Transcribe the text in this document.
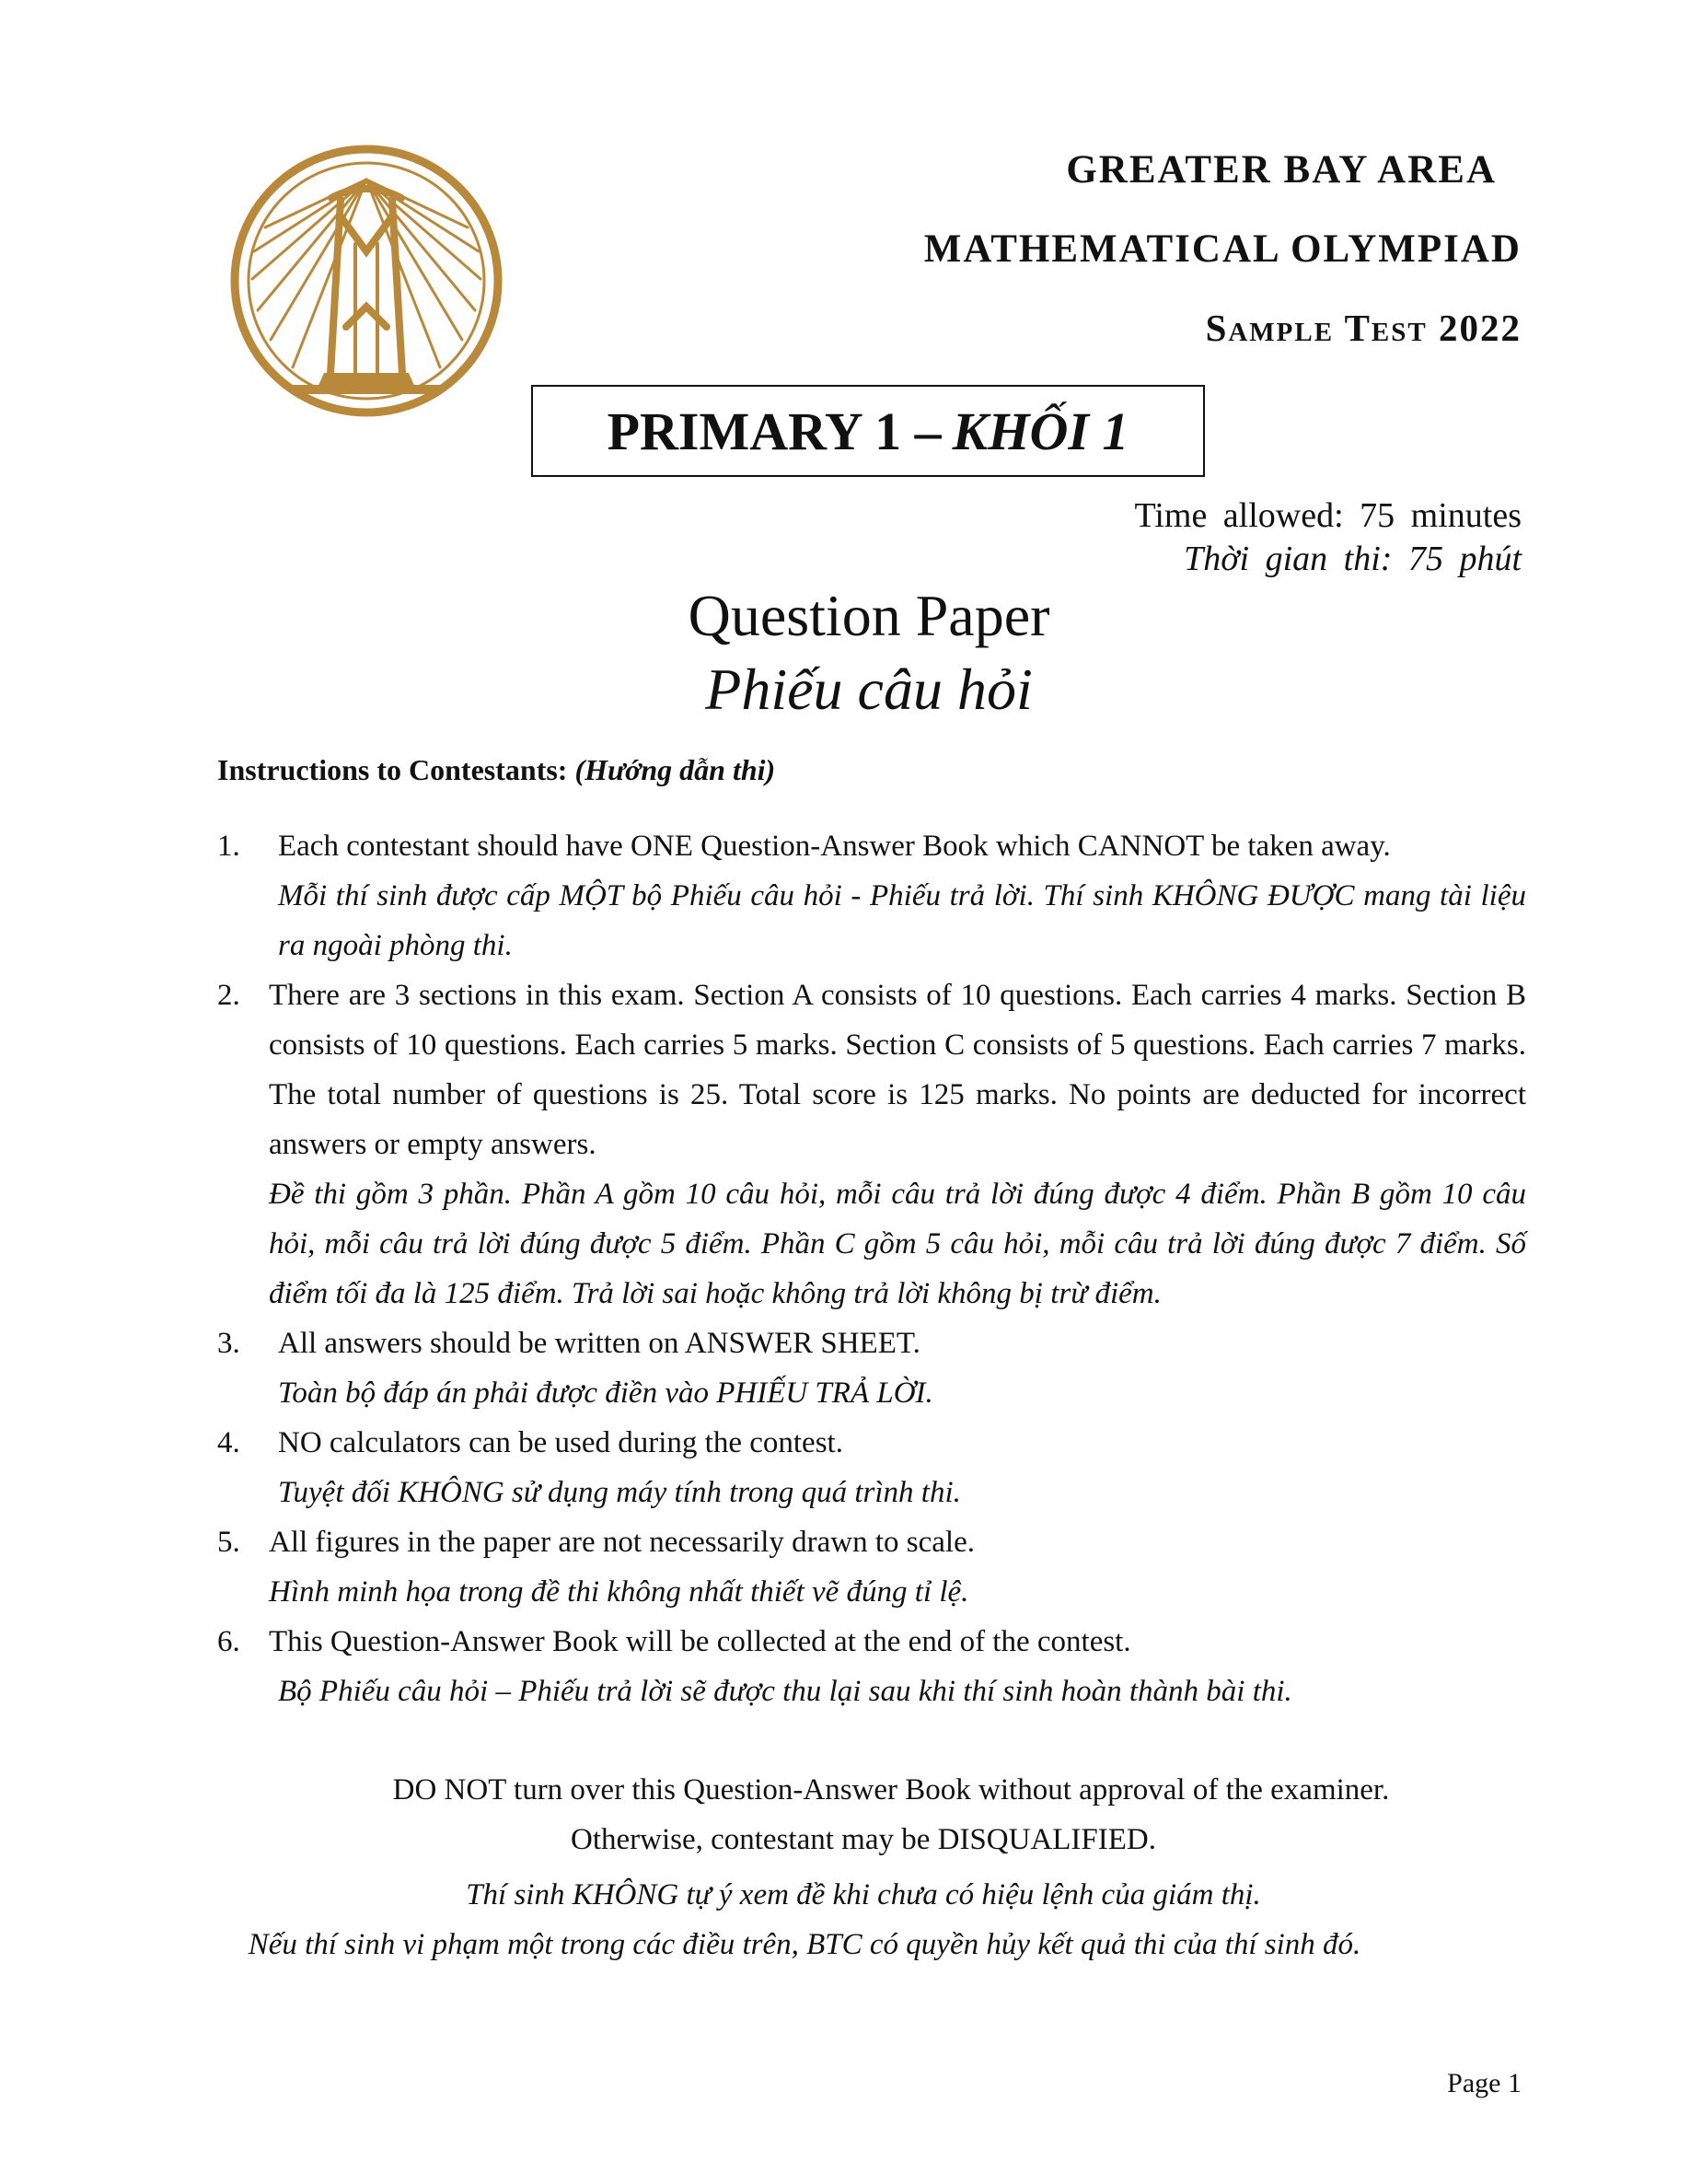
GREATER BAY AREA
MATHEMATICAL OLYMPIAD
Sample Test 2022
PRIMARY 1 – KHỐI 1
Time allowed: 75 minutes
Thời gian thi: 75 phút
Question Paper
Phiếu câu hỏi
Instructions to Contestants: (Hướng dẫn thi)
1.	Each contestant should have ONE Question-Answer Book which CANNOT be taken away.
Mỗi thí sinh được cấp MỘT bộ Phiếu câu hỏi - Phiếu trả lời. Thí sinh KHÔNG ĐƯỢC mang tài liệu ra ngoài phòng thi.
2. There are 3 sections in this exam. Section A consists of 10 questions. Each carries 4 marks. Section B consists of 10 questions. Each carries 5 marks. Section C consists of 5 questions. Each carries 7 marks. The total number of questions is 25. Total score is 125 marks. No points are deducted for incorrect answers or empty answers.
Đề thi gồm 3 phần. Phần A gồm 10 câu hỏi, mỗi câu trả lời đúng được 4 điểm. Phần B gồm 10 câu hỏi, mỗi câu trả lời đúng được 5 điểm. Phần C gồm 5 câu hỏi, mỗi câu trả lời đúng được 7 điểm. Số điểm tối đa là 125 điểm. Trả lời sai hoặc không trả lời không bị trừ điểm.
3.	All answers should be written on ANSWER SHEET.
Toàn bộ đáp án phải được điền vào PHIẾU TRẢ LỜI.
4.	NO calculators can be used during the contest.
Tuyệt đối KHÔNG sử dụng máy tính trong quá trình thi.
5. All figures in the paper are not necessarily drawn to scale.
Hình minh họa trong đề thi không nhất thiết vẽ đúng tỉ lệ.
6. This Question-Answer Book will be collected at the end of the contest.
Bộ Phiếu câu hỏi – Phiếu trả lời sẽ được thu lại sau khi thí sinh hoàn thành bài thi.
DO NOT turn over this Question-Answer Book without approval of the examiner.
Otherwise, contestant may be DISQUALIFIED.
Thí sinh KHÔNG tự ý xem đề khi chưa có hiệu lệnh của giám thị.
Nếu thí sinh vi phạm một trong các điều trên, BTC có quyền hủy kết quả thi của thí sinh đó.
Page 1
